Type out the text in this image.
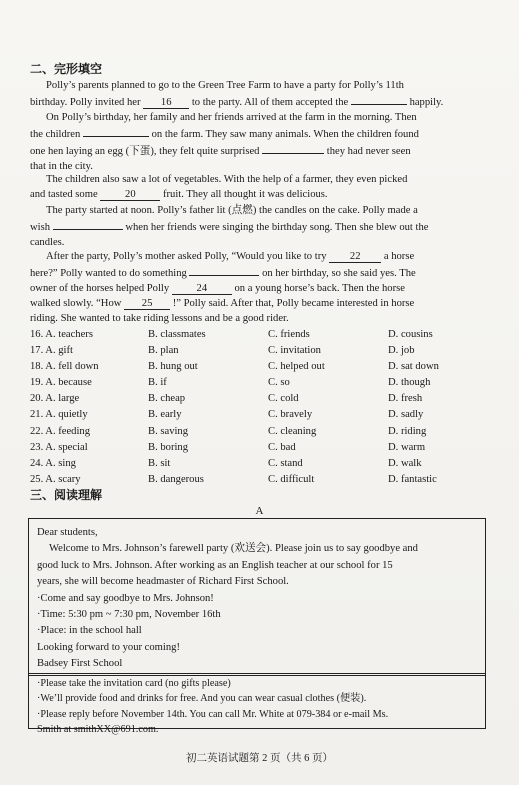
二、完形填空
Polly’s parents planned to go to the Green Tree Farm to have a party for Polly’s 11th
birthday. Polly invited her 16 to the party. All of them accepted the	happily.
On Polly’s birthday, her family and her friends arrived at the farm in the morning. Then
the children	on the farm. They saw many animals. When the children found
one hen laying an egg (下蛋), they felt quite surprised	they had never seen
that in the city.
The children also saw a lot of vegetables. With the help of a farmer, they even picked
and tasted some	20	fruit. They all thought it was delicious.
The party started at noon. Polly’s father lit (点燃) the candles on the cake. Polly made a
wish	when her friends were singing the birthday song. Then she blew out the
candles.
After the party, Polly’s mother asked Polly, “Would you like to try 22 a horse
here?” Polly wanted to do something	on her birthday, so she said yes. The
owner of the horses helped Polly	24	on a young horse’s back. Then the horse
walked slowly. “How 25 !” Polly said. After that, Polly became interested in horse
riding. She wanted to take riding lessons and be a good rider.
16. A. teachers	B. classmates	C. friends	D. cousins
17. A. gift	B. plan	C. invitation	D. job
18. A. fell down	B. hung out	C. helped out	D. sat down
19. A. because	B. if	C. so	D. though
20. A. large	B. cheap	C. cold	D. fresh
21. A. quietly	B. early	C. bravely	D. sadly
22. A. feeding	B. saving	C. cleaning	D. riding
23. A. special	B. boring	C. bad	D. warm
24. A. sing	B. sit	C. stand	D. walk
25. A. scary	B. dangerous	C. difficult	D. fantastic
三、阅读理解
A
Dear students,
Welcome to Mrs. Johnson’s farewell party (欢送会). Please join us to say goodbye and
good luck to Mrs. Johnson. After working as an English teacher at our school for 15
years, she will become headmaster of Richard First School.
·Come and say goodbye to Mrs. Johnson!
·Time: 5:30 pm ~ 7:30 pm, November 16th
·Place: in the school hall
Looking forward to your coming!
Badsey First School
·Please take the invitation card (no gifts please)
·We’ll provide food and drinks for free. And you can wear casual clothes (便装).
·Please reply before November 14th. You can call Mr. White at 079-384 or e-mail Ms.
Smith at smithXX@691.com.
初二英语试题第 2 页（共 6 页）
